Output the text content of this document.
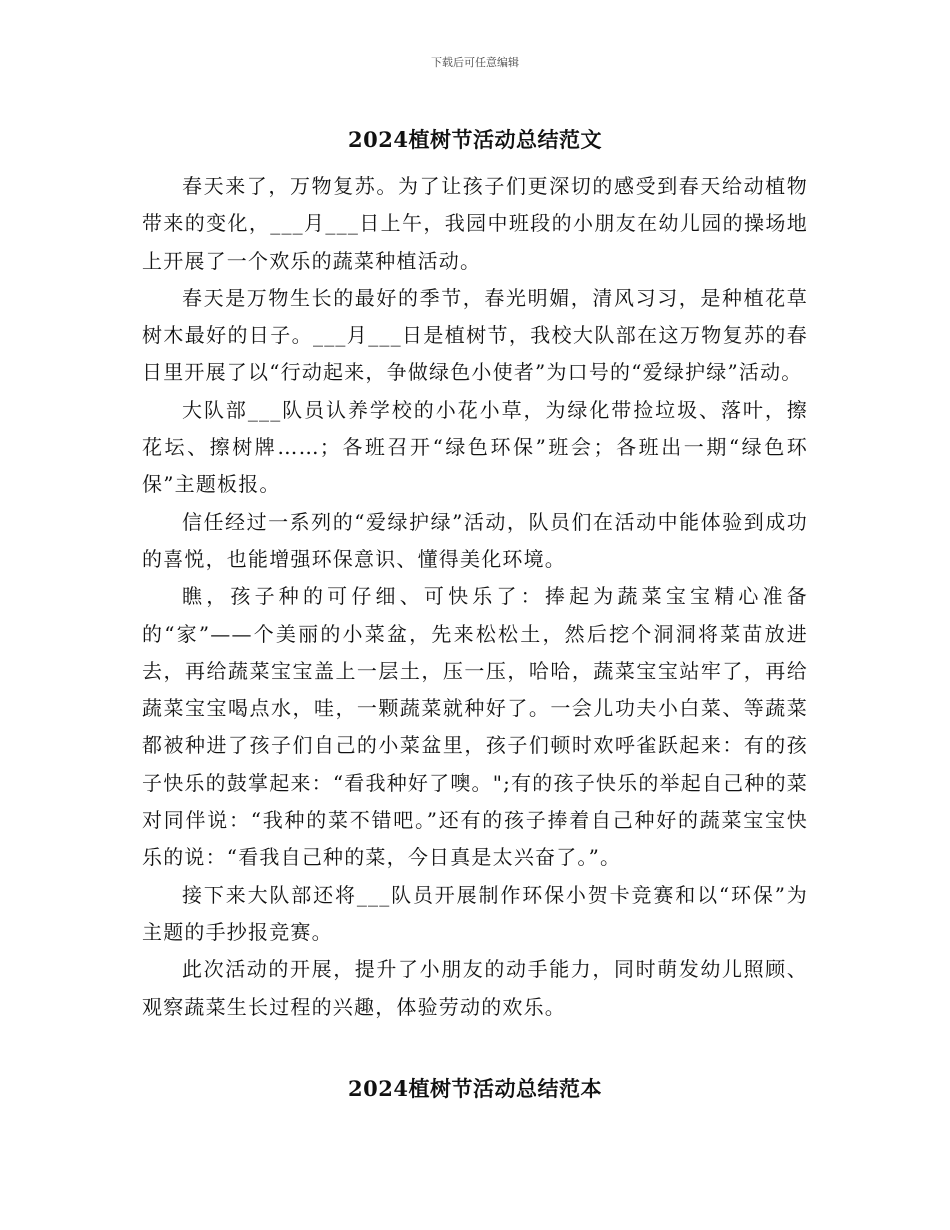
下载后可任意编辑
2024植树节活动总结范文

春天来了，万物复苏。为了让孩子们更深切的感受到春天给动植物带来的变化，___月___日上午，我园中班段的小朋友在幼儿园的操场地上开展了一个欢乐的蔬菜种植活动。

春天是万物生长的最好的季节，春光明媚，清风习习，是种植花草树木最好的日子。___月___日是植树节，我校大队部在这万物复苏的春日里开展了以“行动起来，争做绿色小使者”为口号的“爱绿护绿”活动。

大队部___队员认养学校的小花小草，为绿化带捡垃圾、落叶，擦花坛、擦树牌……；各班召开“绿色环保”班会；各班出一期“绿色环保”主题板报。

信任经过一系列的“爱绿护绿”活动，队员们在活动中能体验到成功的喜悦，也能增强环保意识、懂得美化环境。

瞧，孩子种的可仔细、可快乐了：捧起为蔬菜宝宝精心准备的“家”——个美丽的小菜盆，先来松松土，然后挖个洞洞将菜苗放进去，再给蔬菜宝宝盖上一层土，压一压，哈哈，蔬菜宝宝站牢了，再给蔬菜宝宝喝点水，哇，一颗蔬菜就种好了。一会儿功夫小白菜、等蔬菜都被种进了孩子们自己的小菜盆里，孩子们顿时欢呼雀跃起来：有的孩子快乐的鼓掌起来：“看我种好了噢。";有的孩子快乐的举起自己种的菜对同伴说：“我种的菜不错吧。”还有的孩子捧着自己种好的蔬菜宝宝快乐的说：“看我自己种的菜，今日真是太兴奋了。”。

接下来大队部还将___队员开展制作环保小贺卡竞赛和以“环保”为主题的手抄报竞赛。

此次活动的开展，提升了小朋友的动手能力，同时萌发幼儿照顾、观察蔬菜生长过程的兴趣，体验劳动的欢乐。

2024植树节活动总结范本
